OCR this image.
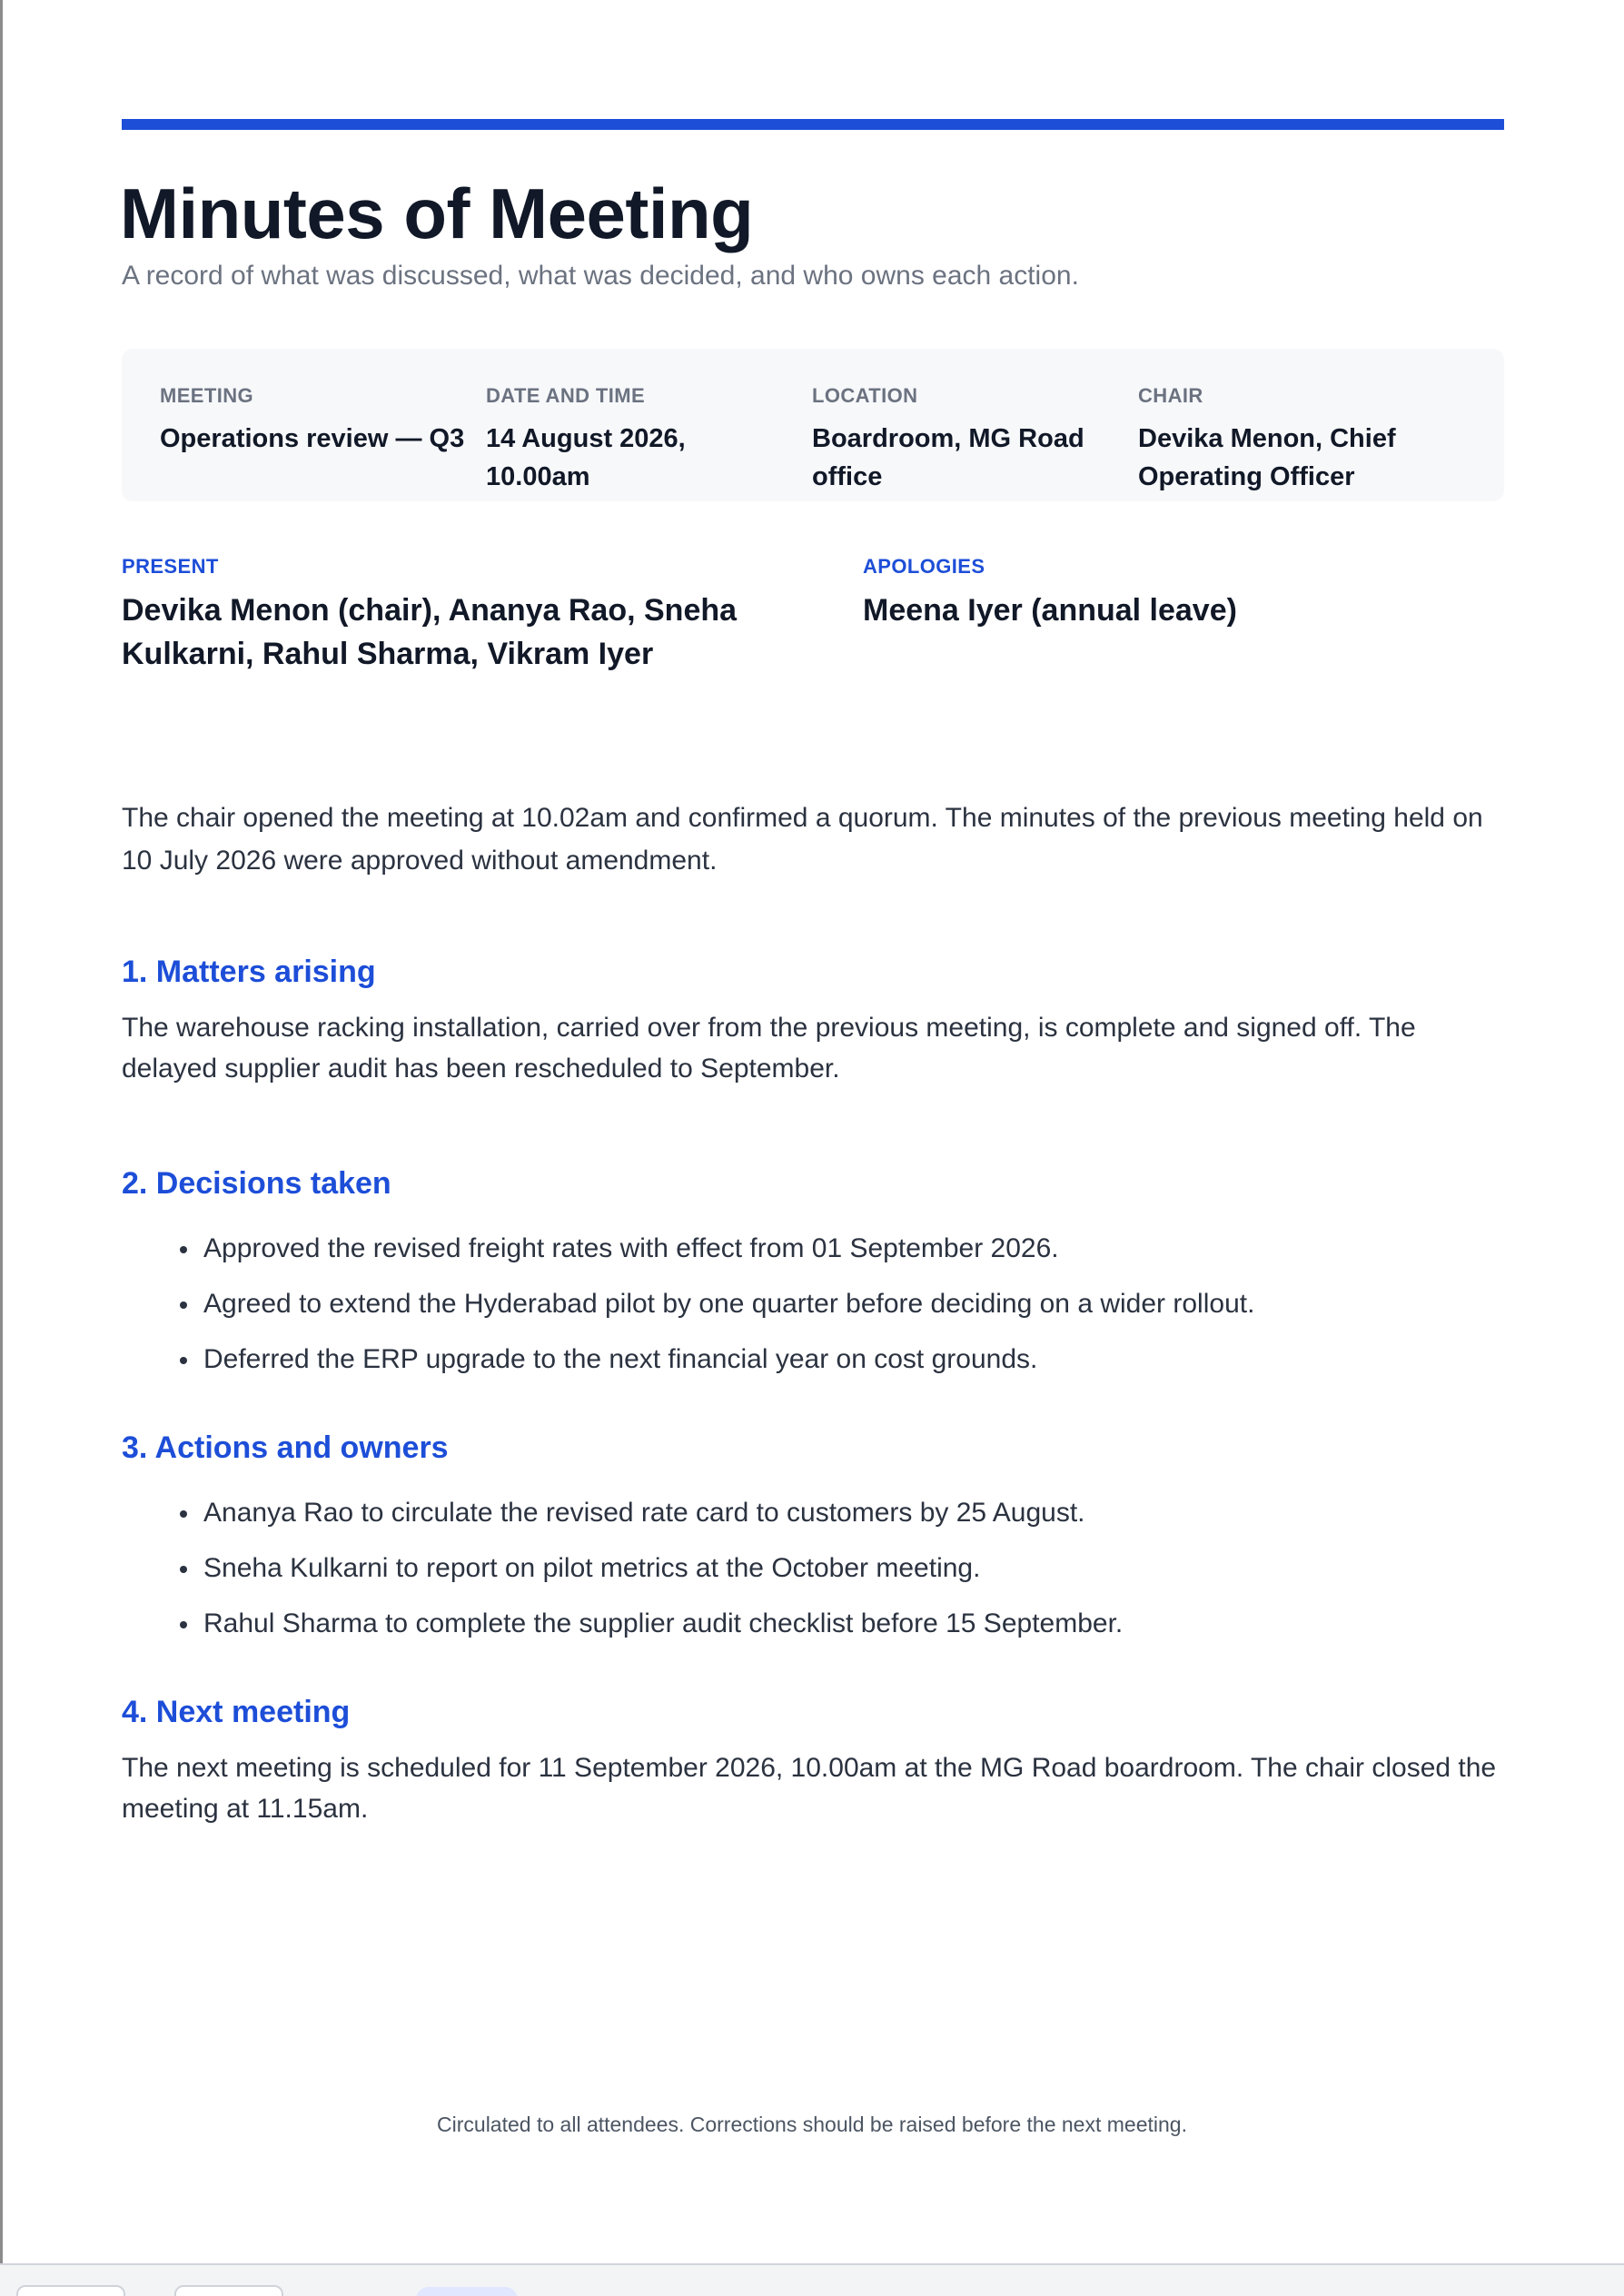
Minutes of Meeting
A record of what was discussed, what was decided, and who owns each action.
MEETING
Operations review — Q3
DATE AND TIME
14 August 2026, 10.00am
LOCATION
Boardroom, MG Road office
CHAIR
Devika Menon, Chief Operating Officer
PRESENT
Devika Menon (chair), Ananya Rao, Sneha Kulkarni, Rahul Sharma, Vikram Iyer
APOLOGIES
Meena Iyer (annual leave)

The chair opened the meeting at 10.02am and confirmed a quorum. The minutes of the previous meeting held on 10 July 2026 were approved without amendment.

1. Matters arising

The warehouse racking installation, carried over from the previous meeting, is complete and signed off. The delayed supplier audit has been rescheduled to September.

2. Decisions taken
Approved the revised freight rates with effect from 01 September 2026.
Agreed to extend the Hyderabad pilot by one quarter before deciding on a wider rollout.
Deferred the ERP upgrade to the next financial year on cost grounds.
3. Actions and owners
Ananya Rao to circulate the revised rate card to customers by 25 August.
Sneha Kulkarni to report on pilot metrics at the October meeting.
Rahul Sharma to complete the supplier audit checklist before 15 September.
4. Next meeting

The next meeting is scheduled for 11 September 2026, 10.00am at the MG Road boardroom. The chair closed the meeting at 11.15am.

Circulated to all attendees. Corrections should be raised before the next meeting.
